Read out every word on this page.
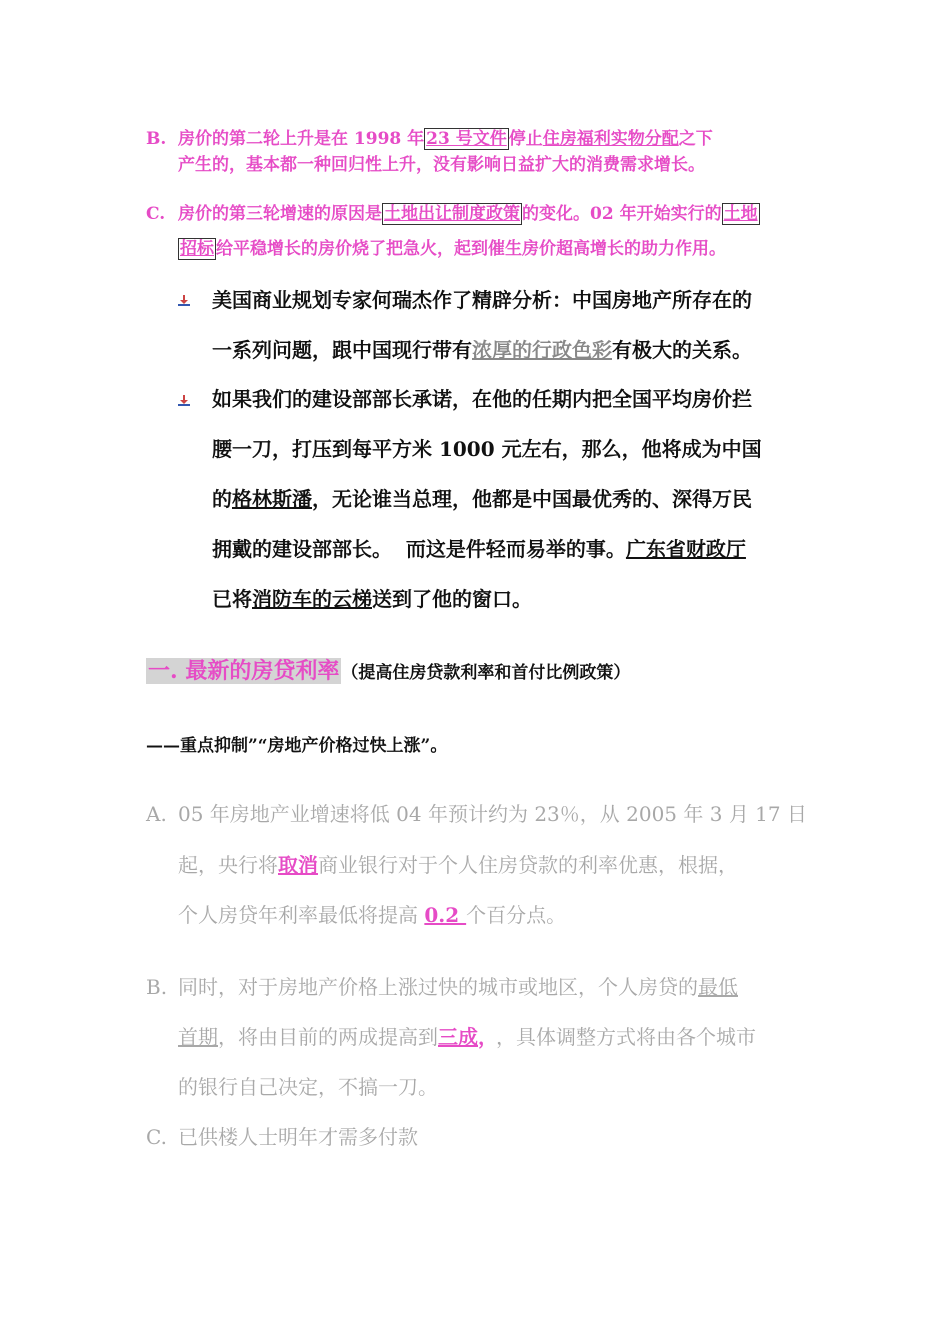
B. 房价的第二轮上升是在 1998 年 23 号文件 停止住房福利实物分配之下
产生的，基本都一种回归性上升，没有影响日益扩大的消费需求增长。
C. 房价的第三轮增速的原因是 土地出让制度政策 的变化。02 年开始实行的 土地
招标 给平稳增长的房价烧了把急火，起到催生房价超高增长的助力作用。
美国商业规划专家何瑞杰作了精辟分析：中国房地产所存在的
一系列问题，跟中国现行带有浓厚的行政色彩有极大的关系。
如果我们的建设部部长承诺，在他的任期内把全国平均房价拦
腰一刀，打压到每平方米 1000 元左右，那么，他将成为中国
的格林斯潘，无论谁当总理，他都是中国最优秀的、深得万民
拥戴的建设部部长。  而这是件轻而易举的事。广东省财政厅
已将消防车的云梯送到了他的窗口。
一. 最新的房贷利率 （提高住房贷款利率和首付比例政策）
——重点抑制”“房地产价格过快上涨”。
A. 05 年房地产业增速将低 04 年预计约为 23％，从 2005 年 3 月 17 日
起，央行将取消商业银行对于个人住房贷款的利率优惠，根据，
个人房贷年利率最低将提高 0.2 个百分点。
B. 同时，对于房地产价格上涨过快的城市或地区，个人房贷的最低
首期，将由目前的两成提高到三成， ，具体调整方式将由各个城市
的银行自己决定，不搞一刀。
C. 已供楼人士明年才需多付款
